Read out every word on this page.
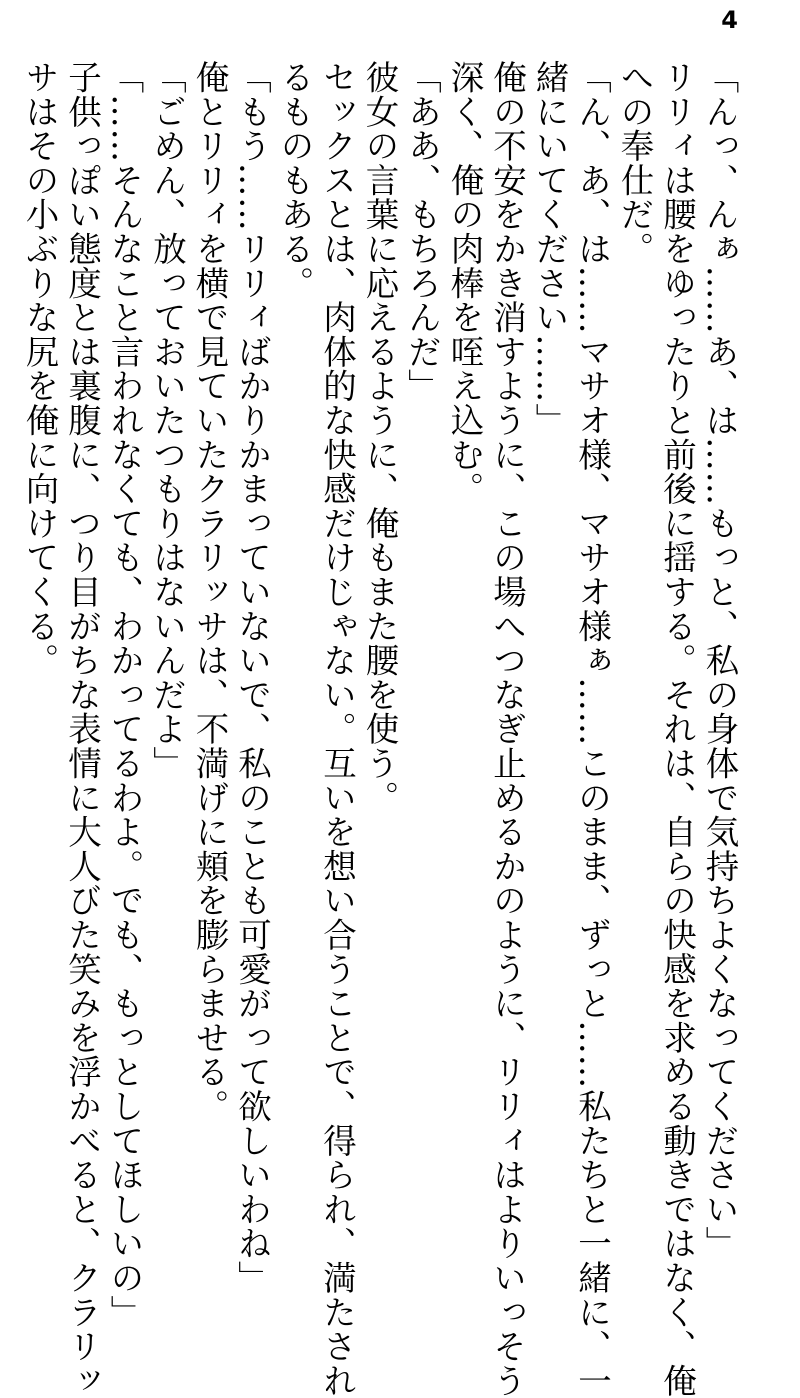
4
「んっ、んぁ……あ、は……もっと、私の身体で気持ちよくなってください」
リリィは腰をゆったりと前後に揺する。それは、自らの快感を求める動きではなく、俺
への奉仕だ。
「ん、あ、は……マサオ様、マサオ様ぁ……このまま、ずっと……私たちと一緒に、一
緒にいてください……」
俺の不安をかき消すように、この場へつなぎ止めるかのように、リリィはよりいっそう
深く、俺の肉棒を咥え込む。
「ああ、もちろんだ」
彼女の言葉に応えるように、俺もまた腰を使う。
セックスとは、肉体的な快感だけじゃない。互いを想い合うことで、得られ、満たされ
るものもある。
「もう……リリィばかりかまっていないで、私のことも可愛がって欲しいわね」
俺とリリィを横で見ていたクラリッサは、不満げに頬を膨らませる。
「ごめん、放っておいたつもりはないんだよ」
「……そんなこと言われなくても、わかってるわよ。でも、もっとしてほしいの」
子供っぽい態度とは裏腹に、つり目がちな表情に大人びた笑みを浮かべると、クラリッ
サはその小ぶりな尻を俺に向けてくる。
